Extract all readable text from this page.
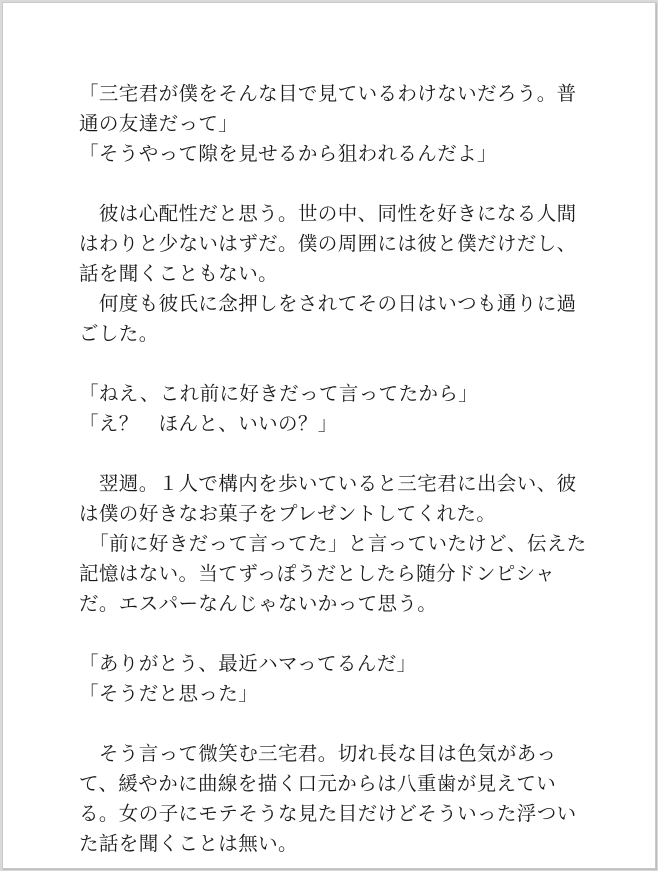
「三宅君が僕をそんな目で見ているわけないだろう。普
通の友達だって」
「そうやって隙を見せるから狙われるんだよ」
　彼は心配性だと思う。世の中、同性を好きになる人間
はわりと少ないはずだ。僕の周囲には彼と僕だけだし、
話を聞くこともない。
　何度も彼氏に念押しをされてその日はいつも通りに過
ごした。
「ねえ、これ前に好きだって言ってたから」
「え？　ほんと、いいの？」
　翌週。１人で構内を歩いていると三宅君に出会い、彼
は僕の好きなお菓子をプレゼントしてくれた。
　「前に好きだって言ってた」と言っていたけど、伝えた
記憶はない。当てずっぽうだとしたら随分ドンピシャ
だ。エスパーなんじゃないかって思う。
「ありがとう、最近ハマってるんだ」
「そうだと思った」
　そう言って微笑む三宅君。切れ長な目は色気があっ
て、緩やかに曲線を描く口元からは八重歯が見えてい
る。女の子にモテそうな見た目だけどそういった浮つい
た話を聞くことは無い。
